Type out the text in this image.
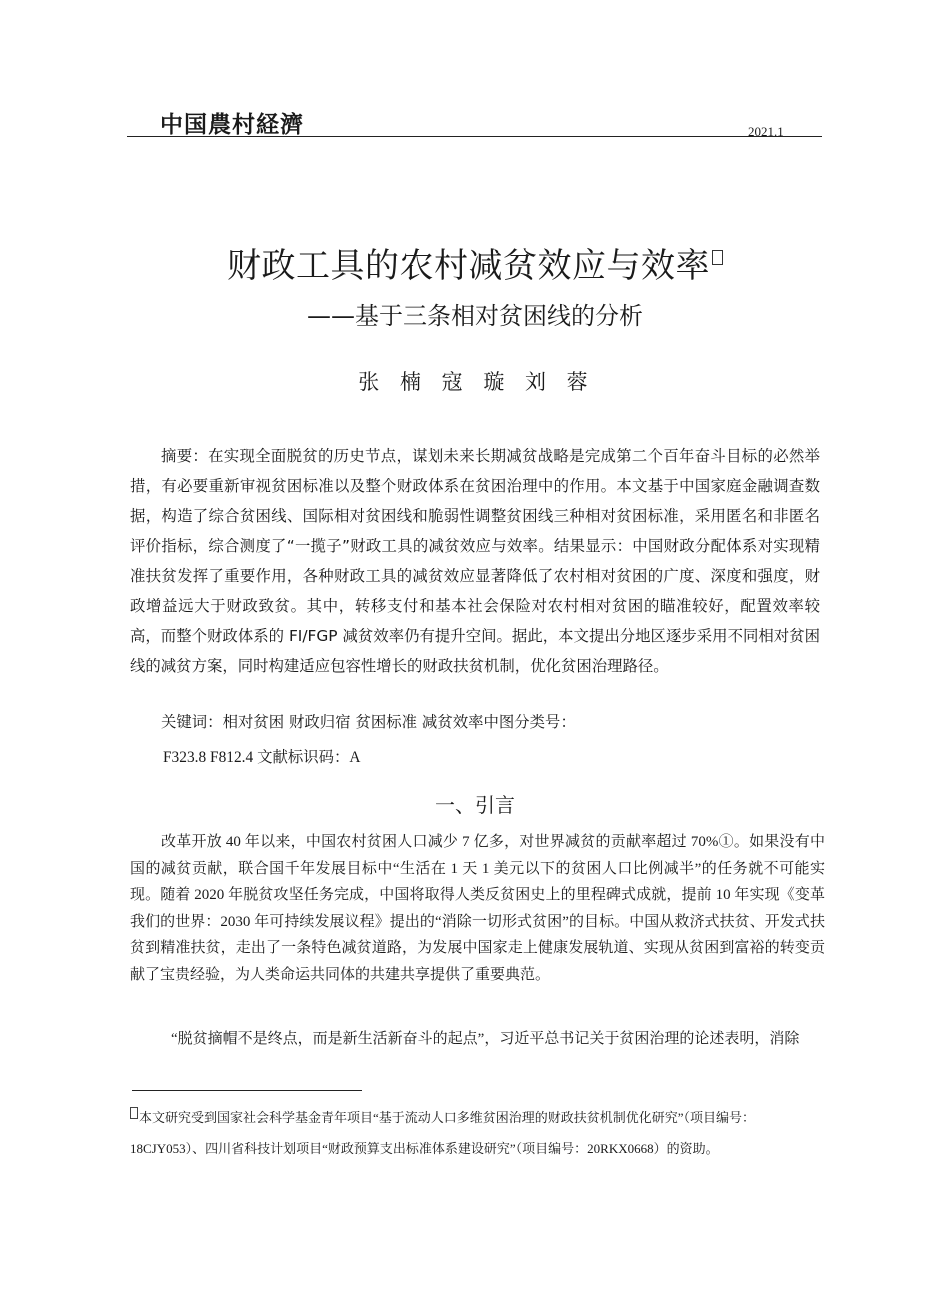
中国農村経濟	2021.1
财政工具的农村减贫效应与效率
——基于三条相对贫困线的分析
张 楠 寇 璇 刘 蓉

摘要：在实现全面脱贫的历史节点，谋划未来长期减贫战略是完成第二个百年奋斗目标的必然举措，有必要重新审视贫困标准以及整个财政体系在贫困治理中的作用。本文基于中国家庭金融调查数据，构造了综合贫困线、国际相对贫困线和脆弱性调整贫困线三种相对贫困标准，采用匿名和非匿名评价指标，综合测度了“一揽子”财政工具的减贫效应与效率。结果显示：中国财政分配体系对实现精准扶贫发挥了重要作用，各种财政工具的减贫效应显著降低了农村相对贫困的广度、深度和强度，财政增益远大于财政致贫。其中，转移支付和基本社会保险对农村相对贫困的瞄准较好，配置效率较高，而整个财政体系的 FI/FGP 减贫效率仍有提升空间。据此，本文提出分地区逐步采用不同相对贫困线的减贫方案，同时构建适应包容性增长的财政扶贫机制，优化贫困治理路径。

关键词：相对贫困 财政归宿 贫困标准 减贫效率中图分类号：
F323.8 F812.4 文献标识码：A
一、引言

改革开放 40 年以来，中国农村贫困人口减少 7 亿多，对世界减贫的贡献率超过 70%①。如果没有中国的减贫贡献，联合国千年发展目标中“生活在 1 天 1 美元以下的贫困人口比例减半”的任务就不可能实现。随着 2020 年脱贫攻坚任务完成，中国将取得人类反贫困史上的里程碑式成就，提前 10 年实现《变革我们的世界：2030 年可持续发展议程》提出的“消除一切形式贫困”的目标。中国从救济式扶贫、开发式扶贫到精准扶贫，走出了一条特色减贫道路，为发展中国家走上健康发展轨道、实现从贫困到富裕的转变贡献了宝贵经验，为人类命运共同体的共建共享提供了重要典范。

“脱贫摘帽不是终点，而是新生活新奋斗的起点”，习近平总书记关于贫困治理的论述表明，消除

本文研究受到国家社会科学基金青年项目“基于流动人口多维贫困治理的财政扶贫机制优化研究”（项目编号：18CJY053）、四川省科技计划项目“财政预算支出标准体系建设研究”（项目编号：20RKX0668）的资助。
